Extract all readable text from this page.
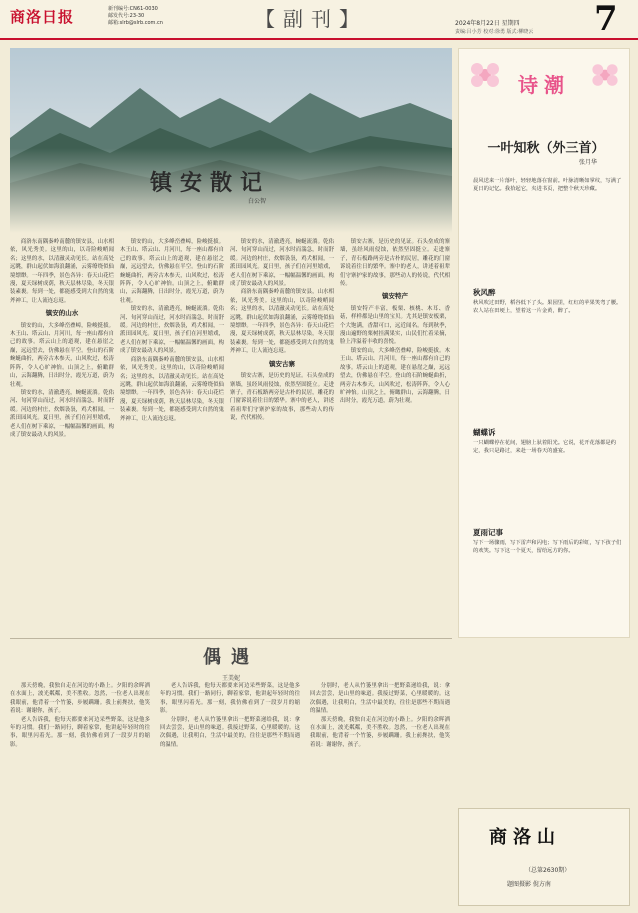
商洛日报	新刊编号:CN61-0030
邮发代号:23-30
邮箱:slrb@slrb.com.cn	【副刊】	2024年8月22日 星期四
责编:吕小芳 校对:徐勇 版式:柳晓云 7
镇安散记
白公智

商洛东南隅秦岭南麓的镇安县，山水相依，风光秀美。这里的山，以奇险峻峭闻名；这里的水，以清澈灵动见长。站在高处远眺，群山起伏如海浪翻涌，云雾缭绕似仙境缥缈。一年四季，景色各异：春天山花烂漫，夏天绿树成荫，秋天层林尽染，冬天银装素裹。每到一处，都能感受到大自然的鬼斧神工，让人流连忘返。

镇安的山水

镇安的山，大多峰峦叠嶂，险峻挺拔。木王山、塔云山、月河川，每一座山都有自己的故事。塔云山上的道观，建在悬崖之巅，远远望去，仿佛悬在半空。登山的石阶蜿蜒曲折，两旁古木参天，山风吹过，松涛阵阵，令人心旷神怡。山顶之上，俯瞰群山，云海翻腾，日出时分，霞光万道，蔚为壮观。

镇安的水，清澈透亮，蜿蜒流淌。乾佑河、旬河穿山而过，河水时而湍急，时而舒缓。河边的村庄，炊烟袅袅，鸡犬相闻，一派田园风光。夏日里，孩子们在河里嬉戏，老人们在树下乘凉，一幅幅温馨的画面，构成了镇安最动人的风景。

镇安的山，大多峰峦叠嶂，险峻挺拔。木王山、塔云山、月河川，每一座山都有自己的故事。塔云山上的道观，建在悬崖之巅，远远望去，仿佛悬在半空。登山的石阶蜿蜒曲折，两旁古木参天，山风吹过，松涛阵阵，令人心旷神怡。山顶之上，俯瞰群山，云海翻腾，日出时分，霞光万道，蔚为壮观。

镇安的水，清澈透亮，蜿蜒流淌。乾佑河、旬河穿山而过，河水时而湍急，时而舒缓。河边的村庄，炊烟袅袅，鸡犬相闻，一派田园风光。夏日里，孩子们在河里嬉戏，老人们在树下乘凉，一幅幅温馨的画面，构成了镇安最动人的风景。

商洛东南隅秦岭南麓的镇安县，山水相依，风光秀美。这里的山，以奇险峻峭闻名；这里的水，以清澈灵动见长。站在高处远眺，群山起伏如海浪翻涌，云雾缭绕似仙境缥缈。一年四季，景色各异：春天山花烂漫，夏天绿树成荫，秋天层林尽染，冬天银装素裹。每到一处，都能感受到大自然的鬼斧神工，让人流连忘返。

镇安的水，清澈透亮，蜿蜒流淌。乾佑河、旬河穿山而过，河水时而湍急，时而舒缓。河边的村庄，炊烟袅袅，鸡犬相闻，一派田园风光。夏日里，孩子们在河里嬉戏，老人们在树下乘凉，一幅幅温馨的画面，构成了镇安最动人的风景。

商洛东南隅秦岭南麓的镇安县，山水相依，风光秀美。这里的山，以奇险峻峭闻名；这里的水，以清澈灵动见长。站在高处远眺，群山起伏如海浪翻涌，云雾缭绕似仙境缥缈。一年四季，景色各异：春天山花烂漫，夏天绿树成荫，秋天层林尽染，冬天银装素裹。每到一处，都能感受到大自然的鬼斧神工，让人流连忘返。

镇安古寨

镇安古寨，是历史的见证。石头垒成的寨墙，虽经风雨侵蚀，依然坚固挺立。走进寨子，青石板路两旁是古朴的民居，雕花的门窗诉说着往日的繁华。寨中的老人，讲述着祖辈们守寨护家的故事，那些动人的传说，代代相传。

镇安古寨，是历史的见证。石头垒成的寨墙，虽经风雨侵蚀，依然坚固挺立。走进寨子，青石板路两旁是古朴的民居，雕花的门窗诉说着往日的繁华。寨中的老人，讲述着祖辈们守寨护家的故事，那些动人的传说，代代相传。

镇安特产

镇安特产丰富，板栗、核桃、木耳、香菇，样样都是山里的宝贝。尤其是镇安板栗，个大饱满，香甜可口，远近闻名。每到秋季，漫山遍野的栗树挂满果实，山民们忙着采摘，脸上洋溢着丰收的喜悦。

镇安的山，大多峰峦叠嶂，险峻挺拔。木王山、塔云山、月河川，每一座山都有自己的故事。塔云山上的道观，建在悬崖之巅，远远望去，仿佛悬在半空。登山的石阶蜿蜒曲折，两旁古木参天，山风吹过，松涛阵阵，令人心旷神怡。山顶之上，俯瞰群山，云海翻腾，日出时分，霞光万道，蔚为壮观。

诗潮
一叶知秋（外三首）
张月华
晨风送来一片落叶，轻轻地落在窗前。叶脉清晰如掌纹，写满了夏日的记忆。我拾起它，夹进书页，把整个秋天珍藏。
秋风醉
秋风吹过田野，稻谷低下了头。果园里，红红的苹果笑弯了腰。农人站在田埂上，望着这一片金黄，醉了。
蝴蝶诉
一只蝴蝶停在花间，翅膀上驮着阳光。它说，花开花落都是约定，我只是路过，来赴一场春天的盛宴。
夏雨记事
写下一场骤雨，写下雷声和闪电；写下雨后的彩虹，写下孩子们的欢笑。写下这一个夏天，留给远方的你。
偶遇
王美妮

那天傍晚，我独自走在河边的小路上。夕阳的余晖洒在水面上，波光粼粼，美不胜收。忽然，一位老人出现在我眼前，他背着一个竹篓，步履蹒跚。我上前搀扶，他笑着说：谢谢你，孩子。

老人告诉我，他每天都要来河边采些野菜，这是他多年的习惯。我们一路同行，聊着家常，他讲起年轻时的往事，眼里闪着光。那一刻，我仿佛看到了一段岁月的缩影。

老人告诉我，他每天都要来河边采些野菜，这是他多年的习惯。我们一路同行，聊着家常，他讲起年轻时的往事，眼里闪着光。那一刻，我仿佛看到了一段岁月的缩影。

分别时，老人从竹篓里拿出一把野菜递给我，说：拿回去尝尝，是山里的味道。我接过野菜，心里暖暖的。这次偶遇，让我明白，生活中最美的，往往是那些不期而遇的温情。

分别时，老人从竹篓里拿出一把野菜递给我，说：拿回去尝尝，是山里的味道。我接过野菜，心里暖暖的。这次偶遇，让我明白，生活中最美的，往往是那些不期而遇的温情。

那天傍晚，我独自走在河边的小路上。夕阳的余晖洒在水面上，波光粼粼，美不胜收。忽然，一位老人出现在我眼前，他背着一个竹篓，步履蹒跚。我上前搀扶，他笑着说：谢谢你，孩子。

商洛山
（总第2630期）
题图摄影 倪方南
